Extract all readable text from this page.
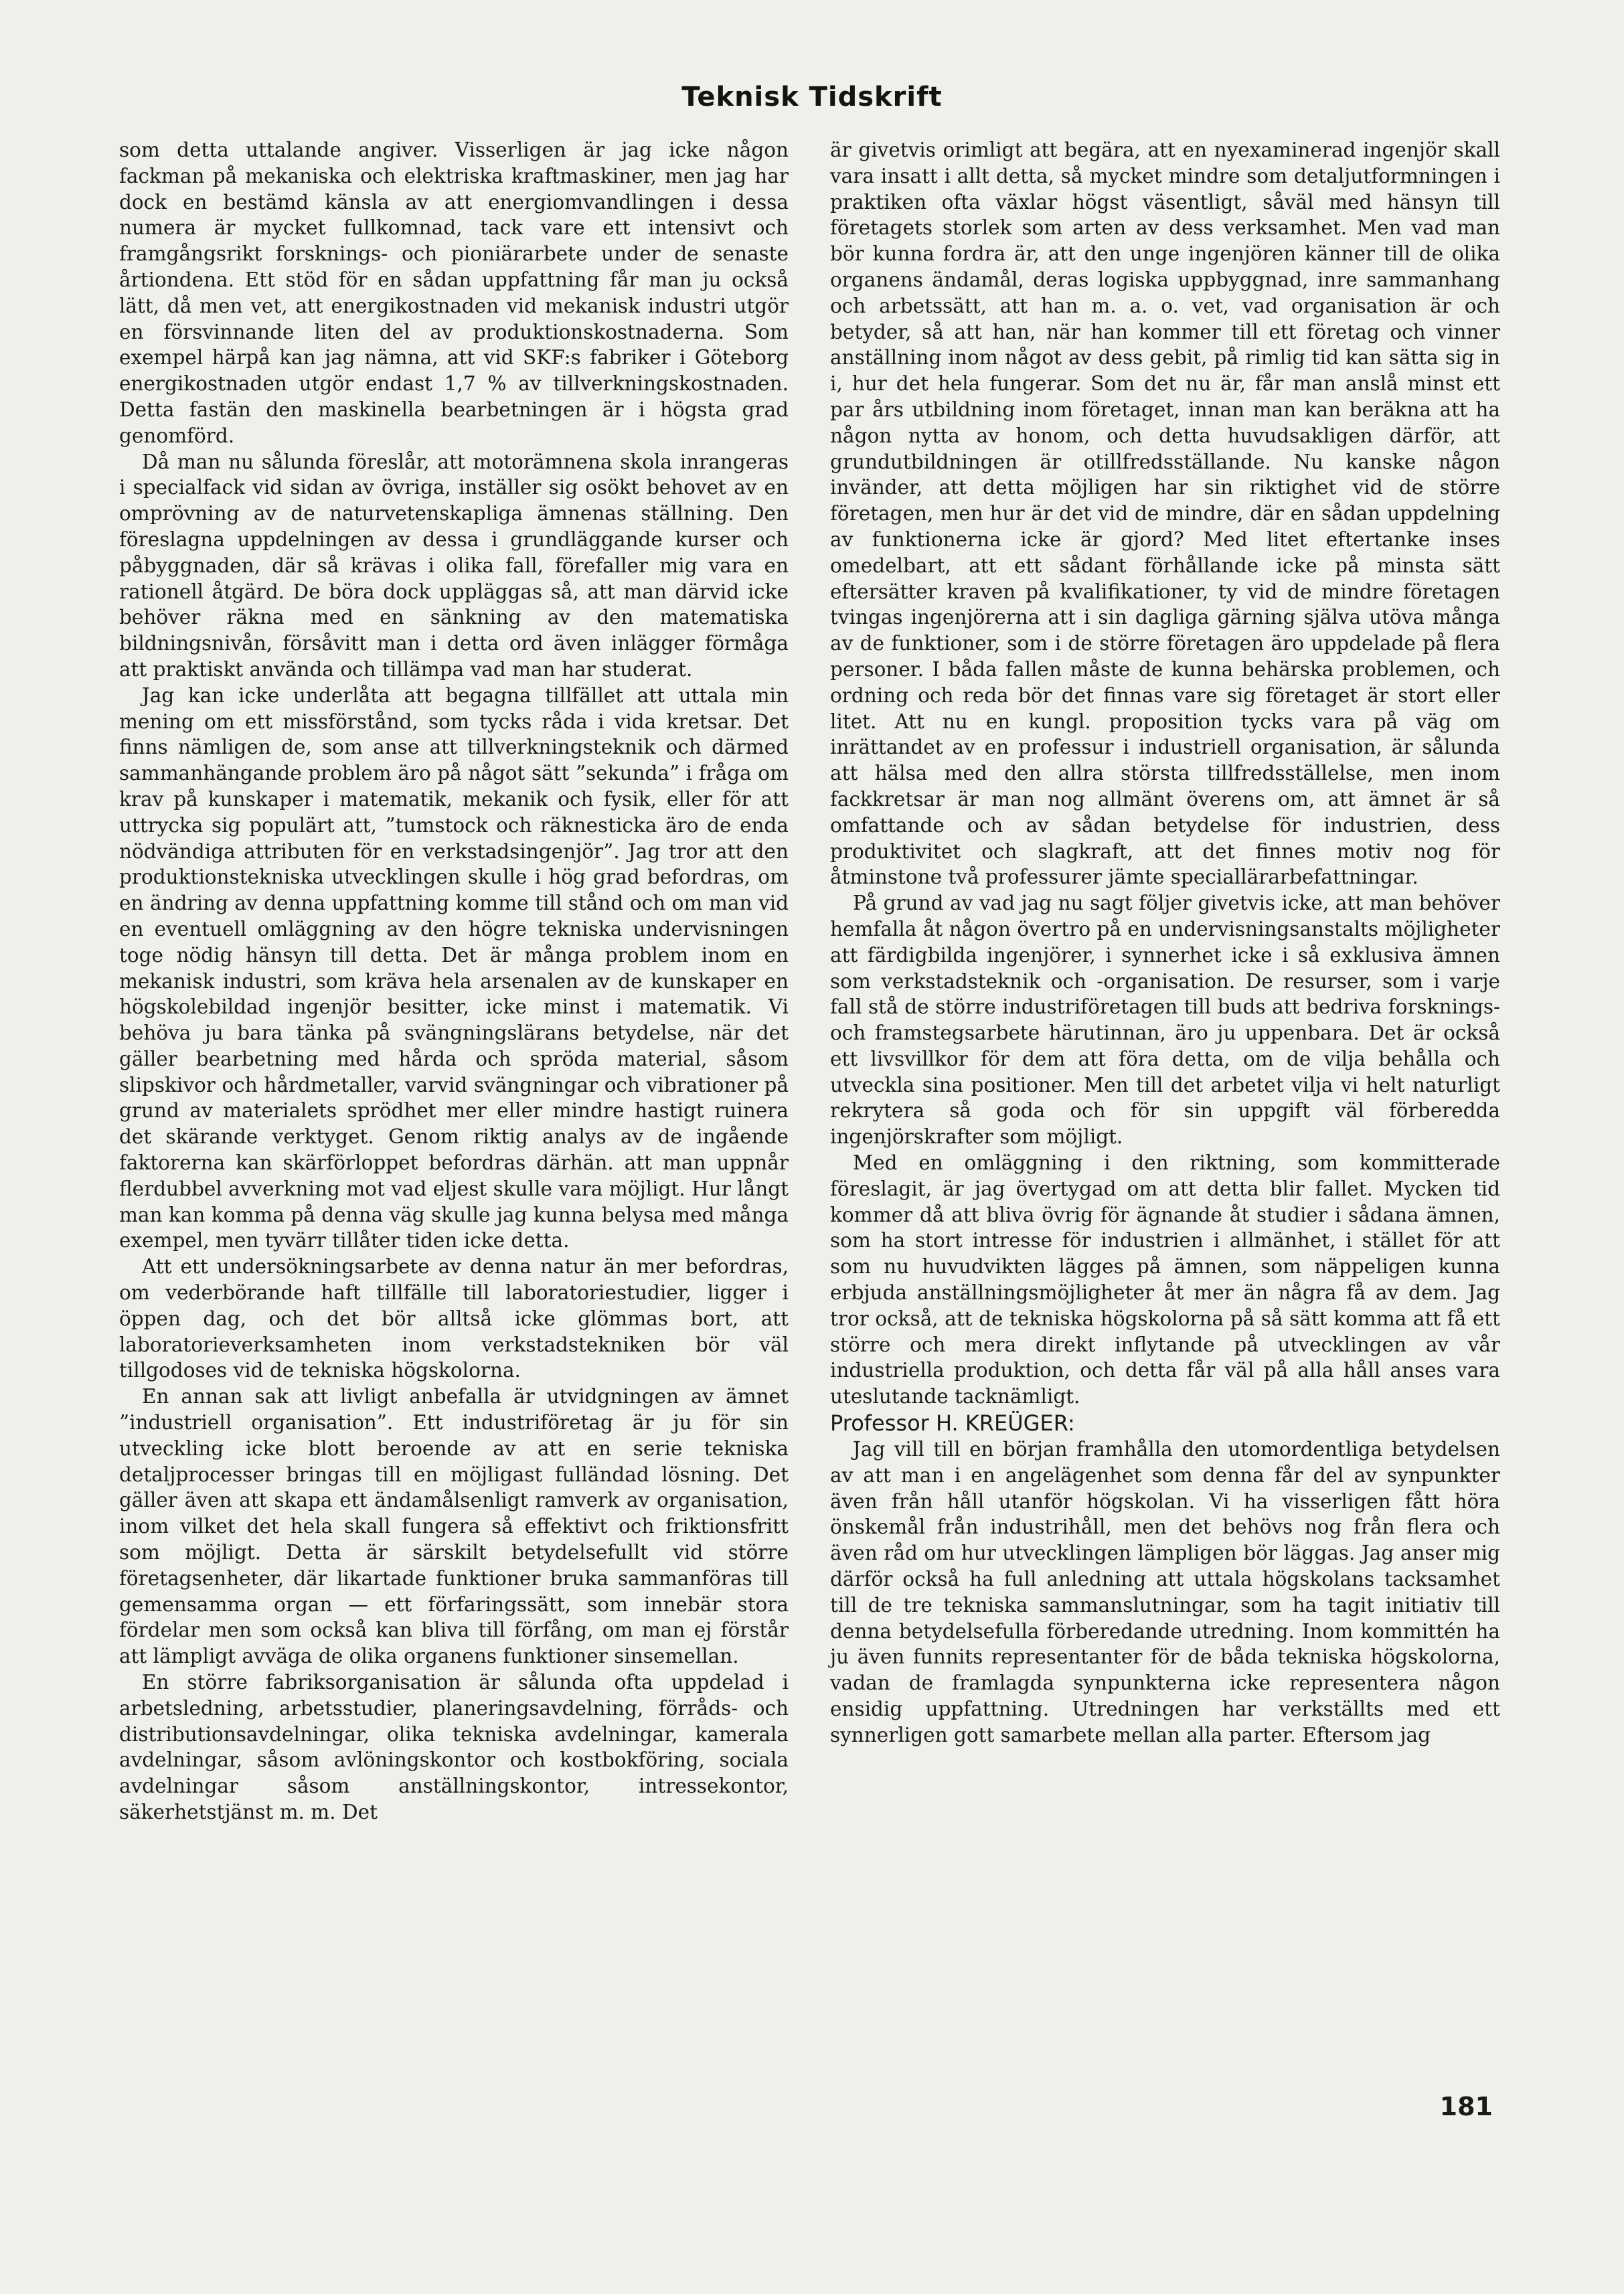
Teknisk Tidskrift

som detta uttalande angiver. Visserligen är jag icke någon fackman på mekaniska och elektriska kraftmaskiner, men jag har dock en bestämd känsla av att energiomvandlingen i dessa numera är mycket fullkomnad, tack vare ett intensivt och framgångsrikt forsknings- och pioniärarbete under de senaste årtiondena. Ett stöd för en sådan uppfattning får man ju också lätt, då men vet, att energikostnaden vid mekanisk industri utgör en försvinnande liten del av produktionskostnaderna. Som exempel härpå kan jag nämna, att vid SKF:s fabriker i Göteborg energikostnaden utgör endast 1,7 % av tillverkningskostnaden. Detta fastän den maskinella bearbetningen är i högsta grad genomförd.

Då man nu sålunda föreslår, att motorämnena skola inrangeras i specialfack vid sidan av övriga, inställer sig osökt behovet av en omprövning av de naturvetenskapliga ämnenas ställning. Den föreslagna uppdelningen av dessa i grundläggande kurser och påbyggnaden, där så krävas i olika fall, förefaller mig vara en rationell åtgärd. De böra dock uppläggas så, att man därvid icke behöver räkna med en sänkning av den matematiska bildningsnivån, försåvitt man i detta ord även inlägger förmåga att praktiskt använda och tillämpa vad man har studerat.

Jag kan icke underlåta att begagna tillfället att uttala min mening om ett missförstånd, som tycks råda i vida kretsar. Det finns nämligen de, som anse att tillverkningsteknik och därmed sammanhängande problem äro på något sätt ”sekunda” i fråga om krav på kunskaper i matematik, mekanik och fysik, eller för att uttrycka sig populärt att, ”tumstock och räknesticka äro de enda nödvändiga attributen för en verkstadsingenjör”. Jag tror att den produktionstekniska utvecklingen skulle i hög grad befordras, om en ändring av denna uppfattning komme till stånd och om man vid en eventuell omläggning av den högre tekniska undervisningen toge nödig hänsyn till detta. Det är många problem inom en mekanisk industri, som kräva hela arsenalen av de kunskaper en högskolebildad ingenjör besitter, icke minst i matematik. Vi behöva ju bara tänka på svängningslärans betydelse, när det gäller bearbetning med hårda och spröda material, såsom slipskivor och hårdmetaller, varvid svängningar och vibrationer på grund av materialets sprödhet mer eller mindre hastigt ruinera det skärande verktyget. Genom riktig analys av de ingående faktorerna kan skärförloppet befordras därhän. att man uppnår flerdubbel avverkning mot vad eljest skulle vara möjligt. Hur långt man kan komma på denna väg skulle jag kunna belysa med många exempel, men tyvärr tillåter tiden icke detta.

Att ett undersökningsarbete av denna natur än mer befordras, om vederbörande haft tillfälle till laboratoriestudier, ligger i öppen dag, och det bör alltså icke glömmas bort, att laboratorieverksamheten inom verkstadstekniken bör väl tillgodoses vid de tekniska högskolorna.

En annan sak att livligt anbefalla är utvidgningen av ämnet ”industriell organisation”. Ett industriföretag är ju för sin utveckling icke blott beroende av att en serie tekniska detaljprocesser bringas till en möjligast fulländad lösning. Det gäller även att skapa ett ändamålsenligt ramverk av organisation, inom vilket det hela skall fungera så effektivt och friktionsfritt som möjligt. Detta är särskilt betydelsefullt vid större företagsenheter, där likartade funktioner bruka sammanföras till gemensamma organ — ett förfaringssätt, som innebär stora fördelar men som också kan bliva till förfång, om man ej förstår att lämpligt avväga de olika organens funktioner sinsemellan.

En större fabriksorganisation är sålunda ofta uppdelad i arbetsledning, arbetsstudier, planeringsavdelning, förråds- och distributionsavdelningar, olika tekniska avdelningar, kamerala avdelningar, såsom avlöningskontor och kostbokföring, sociala avdelningar såsom anställningskontor, intressekontor, säkerhetstjänst m. m. Det

är givetvis orimligt att begära, att en nyexaminerad ingenjör skall vara insatt i allt detta, så mycket mindre som detaljutformningen i praktiken ofta växlar högst väsentligt, såväl med hänsyn till företagets storlek som arten av dess verksamhet. Men vad man bör kunna fordra är, att den unge ingenjören känner till de olika organens ändamål, deras logiska uppbyggnad, inre sammanhang och arbetssätt, att han m. a. o. vet, vad organisation är och betyder, så att han, när han kommer till ett företag och vinner anställning inom något av dess gebit, på rimlig tid kan sätta sig in i, hur det hela fungerar. Som det nu är, får man anslå minst ett par års utbildning inom företaget, innan man kan beräkna att ha någon nytta av honom, och detta huvudsakligen därför, att grundutbildningen är otillfredsställande. Nu kanske någon invänder, att detta möjligen har sin riktighet vid de större företagen, men hur är det vid de mindre, där en sådan uppdelning av funktionerna icke är gjord? Med litet eftertanke inses omedelbart, att ett sådant förhållande icke på minsta sätt eftersätter kraven på kvalifikationer, ty vid de mindre företagen tvingas ingenjörerna att i sin dagliga gärning själva utöva många av de funktioner, som i de större företagen äro uppdelade på flera personer. I båda fallen måste de kunna behärska problemen, och ordning och reda bör det finnas vare sig företaget är stort eller litet. Att nu en kungl. proposition tycks vara på väg om inrättandet av en professur i industriell organisation, är sålunda att hälsa med den allra största tillfredsställelse, men inom fackkretsar är man nog allmänt överens om, att ämnet är så omfattande och av sådan betydelse för industrien, dess produktivitet och slagkraft, att det finnes motiv nog för åtminstone två professurer jämte speciallärarbefattningar.

På grund av vad jag nu sagt följer givetvis icke, att man behöver hemfalla åt någon övertro på en undervisningsanstalts möjligheter att färdigbilda ingenjörer, i synnerhet icke i så exklusiva ämnen som verkstadsteknik och -organisation. De resurser, som i varje fall stå de större industriföretagen till buds att bedriva forsknings- och framstegsarbete härutinnan, äro ju uppenbara. Det är också ett livsvillkor för dem att föra detta, om de vilja behålla och utveckla sina positioner. Men till det arbetet vilja vi helt naturligt rekrytera så goda och för sin uppgift väl förberedda ingenjörskrafter som möjligt.

Med en omläggning i den riktning, som kommitterade föreslagit, är jag övertygad om att detta blir fallet. Mycken tid kommer då att bliva övrig för ägnande åt studier i sådana ämnen, som ha stort intresse för industrien i allmänhet, i stället för att som nu huvudvikten lägges på ämnen, som näppeligen kunna erbjuda anställningsmöjligheter åt mer än några få av dem. Jag tror också, att de tekniska högskolorna på så sätt komma att få ett större och mera direkt inflytande på utvecklingen av vår industriella produktion, och detta får väl på alla håll anses vara uteslutande tacknämligt.

Professor H. KREÜGER:

Jag vill till en början framhålla den utomordentliga betydelsen av att man i en angelägenhet som denna får del av synpunkter även från håll utanför högskolan. Vi ha visserligen fått höra önskemål från industrihåll, men det behövs nog från flera och även råd om hur utvecklingen lämpligen bör läggas. Jag anser mig därför också ha full anledning att uttala högskolans tacksamhet till de tre tekniska sammanslutningar, som ha tagit initiativ till denna betydelsefulla förberedande utredning. Inom kommittén ha ju även funnits representanter för de båda tekniska högskolorna, vadan de framlagda synpunkterna icke representera någon ensidig uppfattning. Utredningen har verkställts med ett synnerligen gott samarbete mellan alla parter. Eftersom jag

181
